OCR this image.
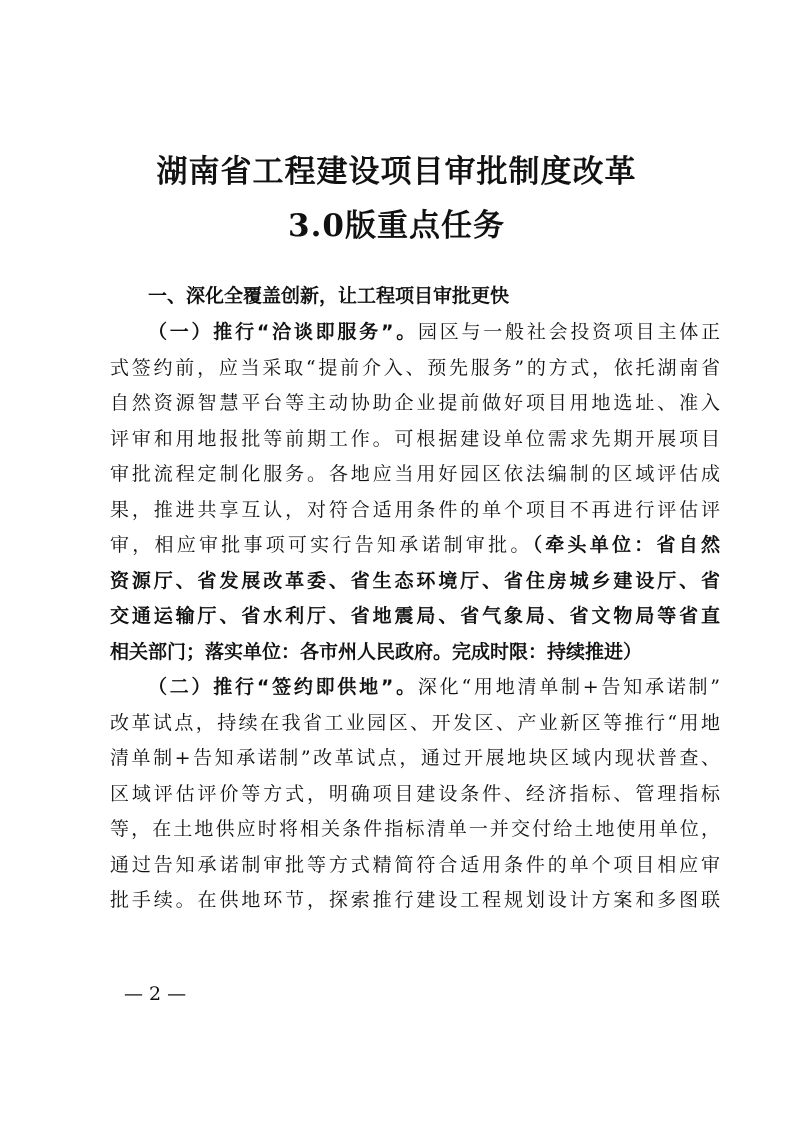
湖南省工程建设项目审批制度改革
3.0版重点任务
一、深化全覆盖创新，让工程项目审批更快
（一）推行“洽谈即服务”。园区与一般社会投资项目主体正
式签约前，应当采取“提前介入、预先服务”的方式，依托湖南省
自然资源智慧平台等主动协助企业提前做好项目用地选址、准入
评审和用地报批等前期工作。可根据建设单位需求先期开展项目
审批流程定制化服务。各地应当用好园区依法编制的区域评估成
果，推进共享互认，对符合适用条件的单个项目不再进行评估评
审，相应审批事项可实行告知承诺制审批。（牵头单位：省自然
资源厅、省发展改革委、省生态环境厅、省住房城乡建设厅、省
交通运输厅、省水利厅、省地震局、省气象局、省文物局等省直
相关部门；落实单位：各市州人民政府。完成时限：持续推进）
（二）推行“签约即供地”。深化“用地清单制+告知承诺制”
改革试点，持续在我省工业园区、开发区、产业新区等推行“用地
清单制+告知承诺制”改革试点，通过开展地块区域内现状普查、
区域评估评价等方式，明确项目建设条件、经济指标、管理指标
等，在土地供应时将相关条件指标清单一并交付给土地使用单位，
通过告知承诺制审批等方式精简符合适用条件的单个项目相应审
批手续。在供地环节，探索推行建设工程规划设计方案和多图联
— 2 —
